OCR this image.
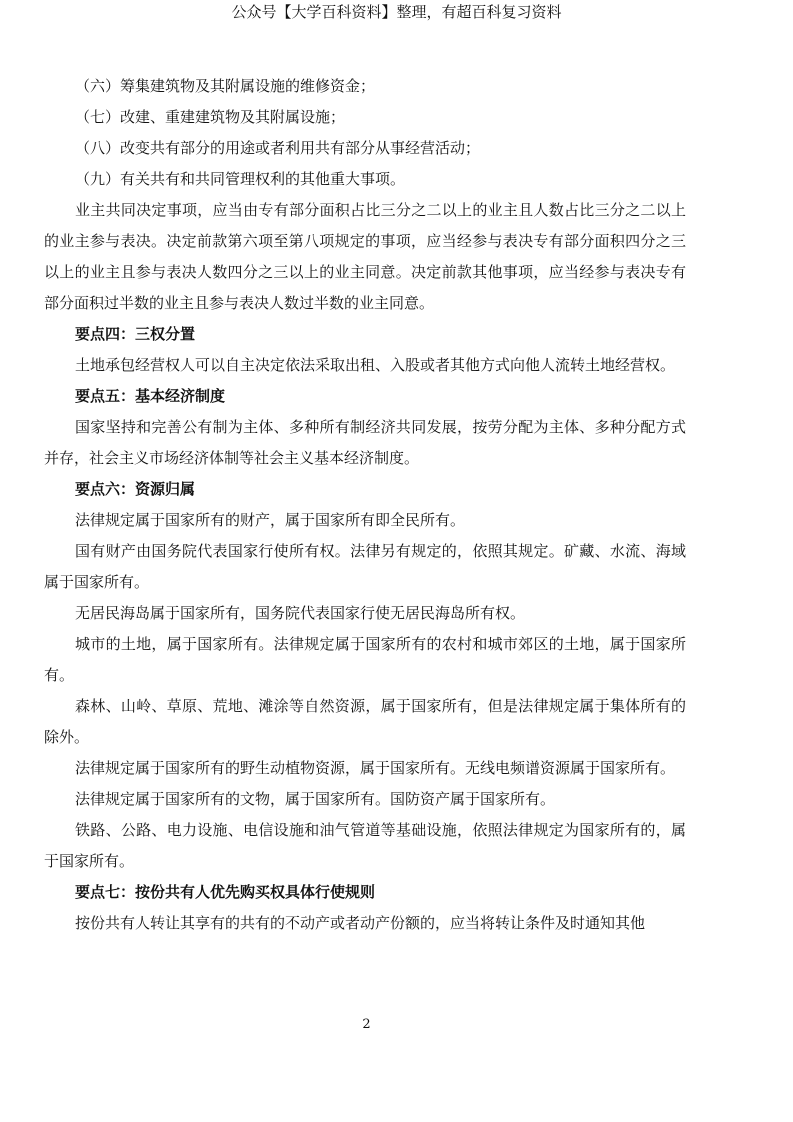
公众号【大学百科资料】整理，有超百科复习资料

（六）筹集建筑物及其附属设施的维修资金；

（七）改建、重建建筑物及其附属设施；

（八）改变共有部分的用途或者利用共有部分从事经营活动；

（九）有关共有和共同管理权利的其他重大事项。

业主共同决定事项，应当由专有部分面积占比三分之二以上的业主且人数占比三分之二以上的业主参与表决。决定前款第六项至第八项规定的事项，应当经参与表决专有部分面积四分之三以上的业主且参与表决人数四分之三以上的业主同意。决定前款其他事项，应当经参与表决专有部分面积过半数的业主且参与表决人数过半数的业主同意。

要点四：三权分置

土地承包经营权人可以自主决定依法采取出租、入股或者其他方式向他人流转土地经营权。

要点五：基本经济制度

国家坚持和完善公有制为主体、多种所有制经济共同发展，按劳分配为主体、多种分配方式并存，社会主义市场经济体制等社会主义基本经济制度。

要点六：资源归属

法律规定属于国家所有的财产，属于国家所有即全民所有。

国有财产由国务院代表国家行使所有权。法律另有规定的，依照其规定。矿藏、水流、海域属于国家所有。

无居民海岛属于国家所有，国务院代表国家行使无居民海岛所有权。

城市的土地，属于国家所有。法律规定属于国家所有的农村和城市郊区的土地，属于国家所有。

森林、山岭、草原、荒地、滩涂等自然资源，属于国家所有，但是法律规定属于集体所有的除外。

法律规定属于国家所有的野生动植物资源，属于国家所有。无线电频谱资源属于国家所有。

法律规定属于国家所有的文物，属于国家所有。国防资产属于国家所有。

铁路、公路、电力设施、电信设施和油气管道等基础设施，依照法律规定为国家所有的，属于国家所有。

要点七：按份共有人优先购买权具体行使规则

按份共有人转让其享有的共有的不动产或者动产份额的，应当将转让条件及时通知其他

2
